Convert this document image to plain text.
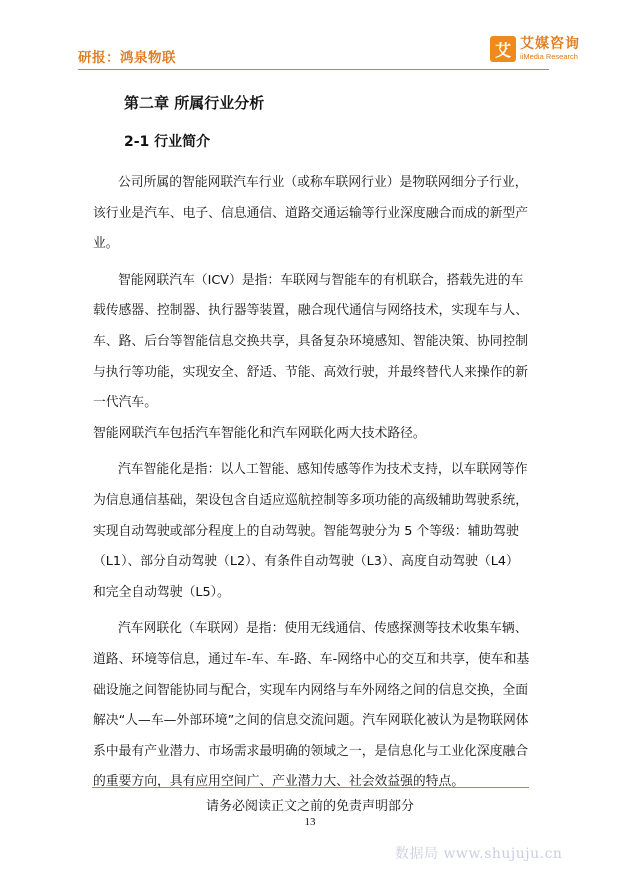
研报：鸿泉物联	艾 艾媒咨询
iiMedia Research
第二章 所属行业分析
2-1 行业简介

公司所属的智能网联汽车行业（或称车联网行业）是物联网细分子行业，该行业是汽车、电子、信息通信、道路交通运输等行业深度融合而成的新型产业。

智能网联汽车（ICV）是指：车联网与智能车的有机联合，搭载先进的车载传感器、控制器、执行器等装置，融合现代通信与网络技术，实现车与人、车、路、后台等智能信息交换共享，具备复杂环境感知、智能决策、协同控制与执行等功能，实现安全、舒适、节能、高效行驶，并最终替代人来操作的新一代汽车。

智能网联汽车包括汽车智能化和汽车网联化两大技术路径。

汽车智能化是指：以人工智能、感知传感等作为技术支持，以车联网等作为信息通信基础，架设包含自适应巡航控制等多项功能的高级辅助驾驶系统，实现自动驾驶或部分程度上的自动驾驶。智能驾驶分为 5 个等级：辅助驾驶（L1）、部分自动驾驶（L2）、有条件自动驾驶（L3）、高度自动驾驶（L4）和完全自动驾驶（L5）。

汽车网联化（车联网）是指：使用无线通信、传感探测等技术收集车辆、道路、环境等信息，通过车-车、车-路、车-网络中心的交互和共享，使车和基础设施之间智能协同与配合，实现车内网络与车外网络之间的信息交换，全面解决“人—车—外部环境”之间的信息交流问题。汽车网联化被认为是物联网体系中最有产业潜力、市场需求最明确的领域之一，是信息化与工业化深度融合的重要方向，具有应用空间广、产业潜力大、社会效益强的特点。

请务必阅读正文之前的免责声明部分
13
数据局 www.shujuju.cn
